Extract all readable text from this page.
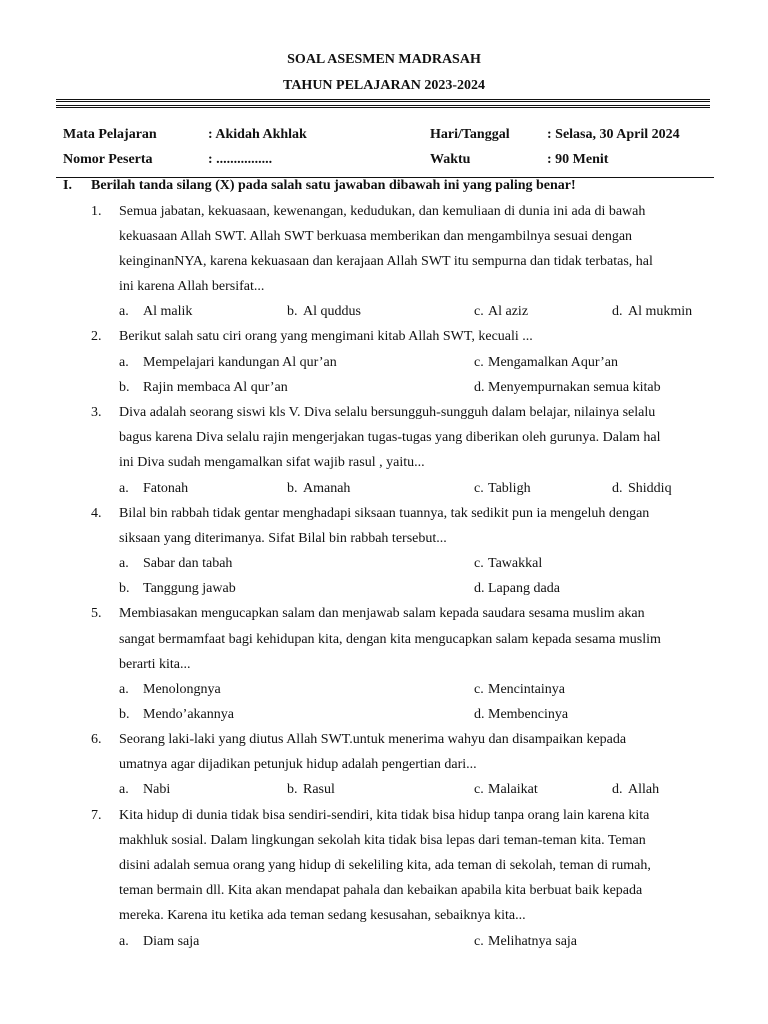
SOAL ASESMEN MADRASAH
TAHUN PELAJARAN 2023-2024
Mata Pelajaran	: Akidah Akhlak	Hari/Tanggal	: Selasa, 30 April 2024
Nomor Peserta	: ................	Waktu	: 90 Menit
I. Berilah tanda silang (X) pada salah satu jawaban dibawah ini yang paling benar!
1. Semua jabatan, kekuasaan, kewenangan, kedudukan, dan kemuliaan di dunia ini ada di bawah
kekuasaan Allah SWT. Allah SWT berkuasa memberikan dan mengambilnya sesuai dengan
keinginanNYA, karena kekuasaan dan kerajaan Allah SWT itu sempurna dan tidak terbatas, hal
ini karena Allah bersifat...
a. Al malik	b. Al quddus	c. Al aziz	d. Al mukmin
2. Berikut salah satu ciri orang yang mengimani kitab Allah SWT, kecuali ...
a. Mempelajari kandungan Al qur’an
b. Rajin membaca Al qur’an
c. Mengamalkan Aqur’an
d. Menyempurnakan semua kitab
3. Diva adalah seorang siswi kls V. Diva selalu bersungguh-sungguh dalam belajar, nilainya selalu
bagus karena Diva selalu rajin mengerjakan tugas-tugas yang diberikan oleh gurunya. Dalam hal
ini Diva sudah mengamalkan sifat wajib rasul , yaitu...
a. Fatonah	b. Amanah	c. Tabligh	d. Shiddiq
4. Bilal bin rabbah tidak gentar menghadapi siksaan tuannya, tak sedikit pun ia mengeluh dengan
siksaan yang diterimanya. Sifat Bilal bin rabbah tersebut...
a. Sabar dan tabah
b. Tanggung jawab
c. Tawakkal
d. Lapang dada
5. Membiasakan mengucapkan salam dan menjawab salam kepada saudara sesama muslim akan
sangat bermamfaat bagi kehidupan kita, dengan kita mengucapkan salam kepada sesama muslim
berarti kita...
a. Menolongnya
b. Mendo’akannya
c. Mencintainya
d. Membencinya
6. Seorang laki-laki yang diutus Allah SWT.untuk menerima wahyu dan disampaikan kepada
umatnya agar dijadikan petunjuk hidup adalah pengertian dari...
a. Nabi	b. Rasul	c. Malaikat	d. Allah
7. Kita hidup di dunia tidak bisa sendiri-sendiri, kita tidak bisa hidup tanpa orang lain karena kita
makhluk sosial. Dalam lingkungan sekolah kita tidak bisa lepas dari teman-teman kita. Teman
disini adalah semua orang yang hidup di sekeliling kita, ada teman di sekolah, teman di rumah,
teman bermain dll. Kita akan mendapat pahala dan kebaikan apabila kita berbuat baik kepada
mereka. Karena itu ketika ada teman sedang kesusahan, sebaiknya kita...
a. Diam saja	c. Melihatnya saja
